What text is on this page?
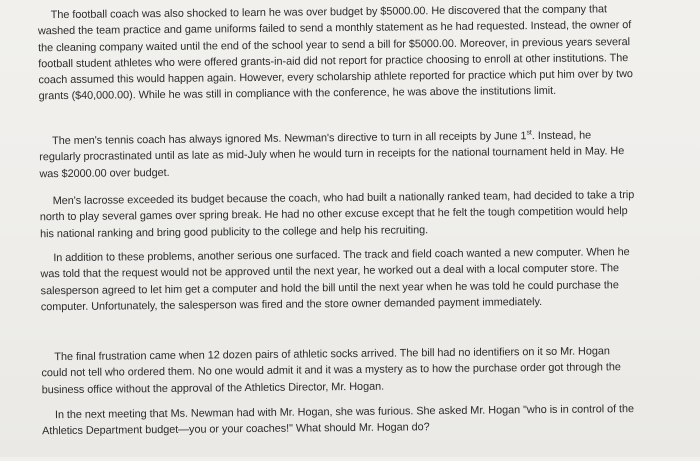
The football coach was also shocked to learn he was over budget by $5000.00. He discovered that the company that washed the team practice and game uniforms failed to send a monthly statement as he had requested. Instead, the owner of the cleaning company waited until the end of the school year to send a bill for $5000.00. Moreover, in previous years several football student athletes who were offered grants-in-aid did not report for practice choosing to enroll at other institutions. The coach assumed this would happen again. However, every scholarship athlete reported for practice which put him over by two grants ($40,000.00). While he was still in compliance with the conference, he was above the institutions limit.

The men's tennis coach has always ignored Ms. Newman's directive to turn in all receipts by June 1st. Instead, he regularly procrastinated until as late as mid-July when he would turn in receipts for the national tournament held in May. He was $2000.00 over budget.

Men's lacrosse exceeded its budget because the coach, who had built a nationally ranked team, had decided to take a trip north to play several games over spring break. He had no other excuse except that he felt the tough competition would help his national ranking and bring good publicity to the college and help his recruiting.

In addition to these problems, another serious one surfaced. The track and field coach wanted a new computer. When he was told that the request would not be approved until the next year, he worked out a deal with a local computer store. The salesperson agreed to let him get a computer and hold the bill until the next year when he was told he could purchase the computer. Unfortunately, the salesperson was fired and the store owner demanded payment immediately.

The final frustration came when 12 dozen pairs of athletic socks arrived. The bill had no identifiers on it so Mr. Hogan could not tell who ordered them. No one would admit it and it was a mystery as to how the purchase order got through the business office without the approval of the Athletics Director, Mr. Hogan.

In the next meeting that Ms. Newman had with Mr. Hogan, she was furious. She asked Mr. Hogan "who is in control of the Athletics Department budget—you or your coaches!" What should Mr. Hogan do?
